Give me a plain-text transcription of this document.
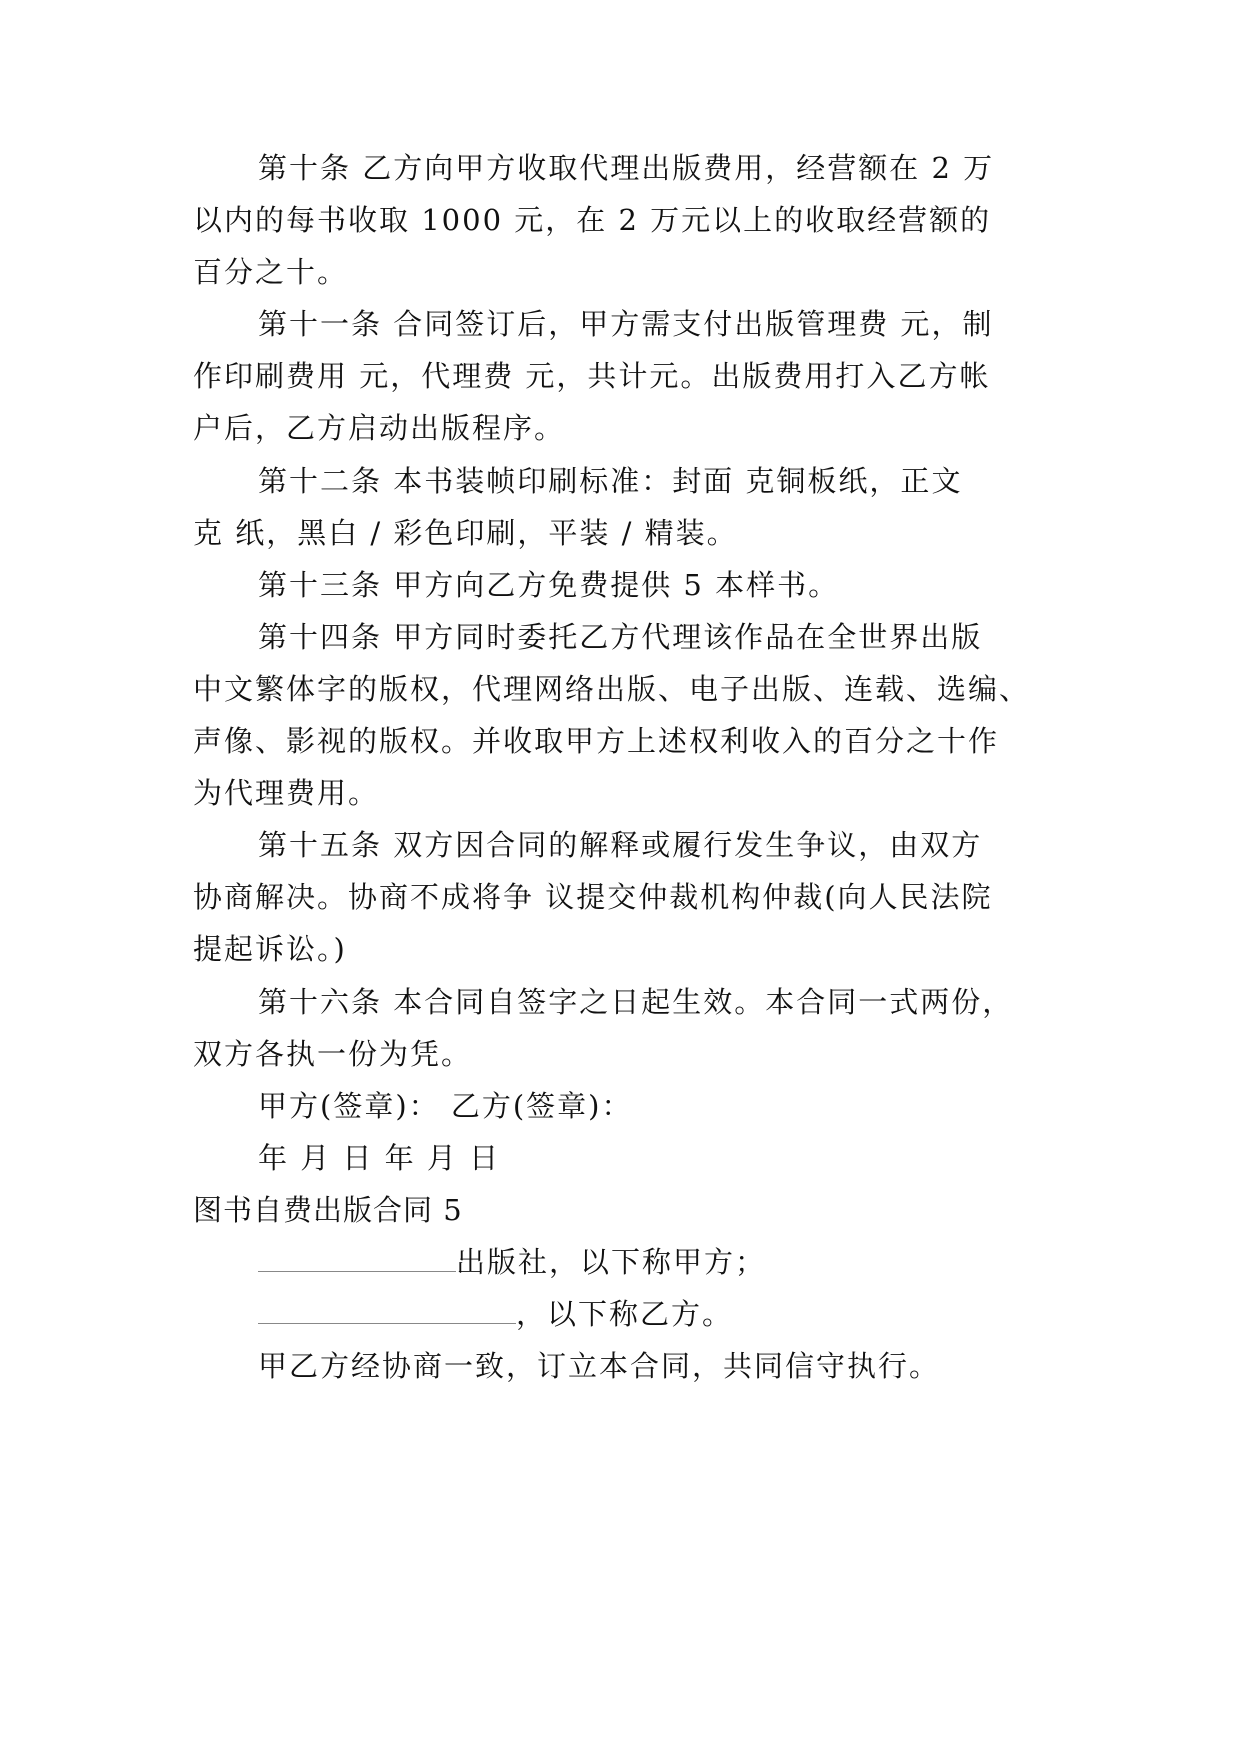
第十条 乙方向甲方收取代理出版费用，经营额在 2 万
以内的每书收取 1000 元，在 2 万元以上的收取经营额的
百分之十。
第十一条 合同签订后，甲方需支付出版管理费 元，制
作印刷费用 元，代理费 元，共计元。出版费用打入乙方帐
户后，乙方启动出版程序。
第十二条 本书装帧印刷标准：封面 克铜板纸，正文
克 纸，黑白 / 彩色印刷，平装 / 精装。
第十三条 甲方向乙方免费提供 5 本样书。
第十四条 甲方同时委托乙方代理该作品在全世界出版
中文繁体字的版权，代理网络出版、电子出版、连载、选编、
声像、影视的版权。并收取甲方上述权利收入的百分之十作
为代理费用。
第十五条 双方因合同的解释或履行发生争议，由双方
协商解决。协商不成将争 议提交仲裁机构仲裁(向人民法院
提起诉讼。)
第十六条 本合同自签字之日起生效。本合同一式两份，
双方各执一份为凭。
甲方(签章)： 乙方(签章)：
年 月 日 年 月 日
图书自费出版合同 5
出版社，以下称甲方；
，以下称乙方。
甲乙方经协商一致，订立本合同，共同信守执行。
